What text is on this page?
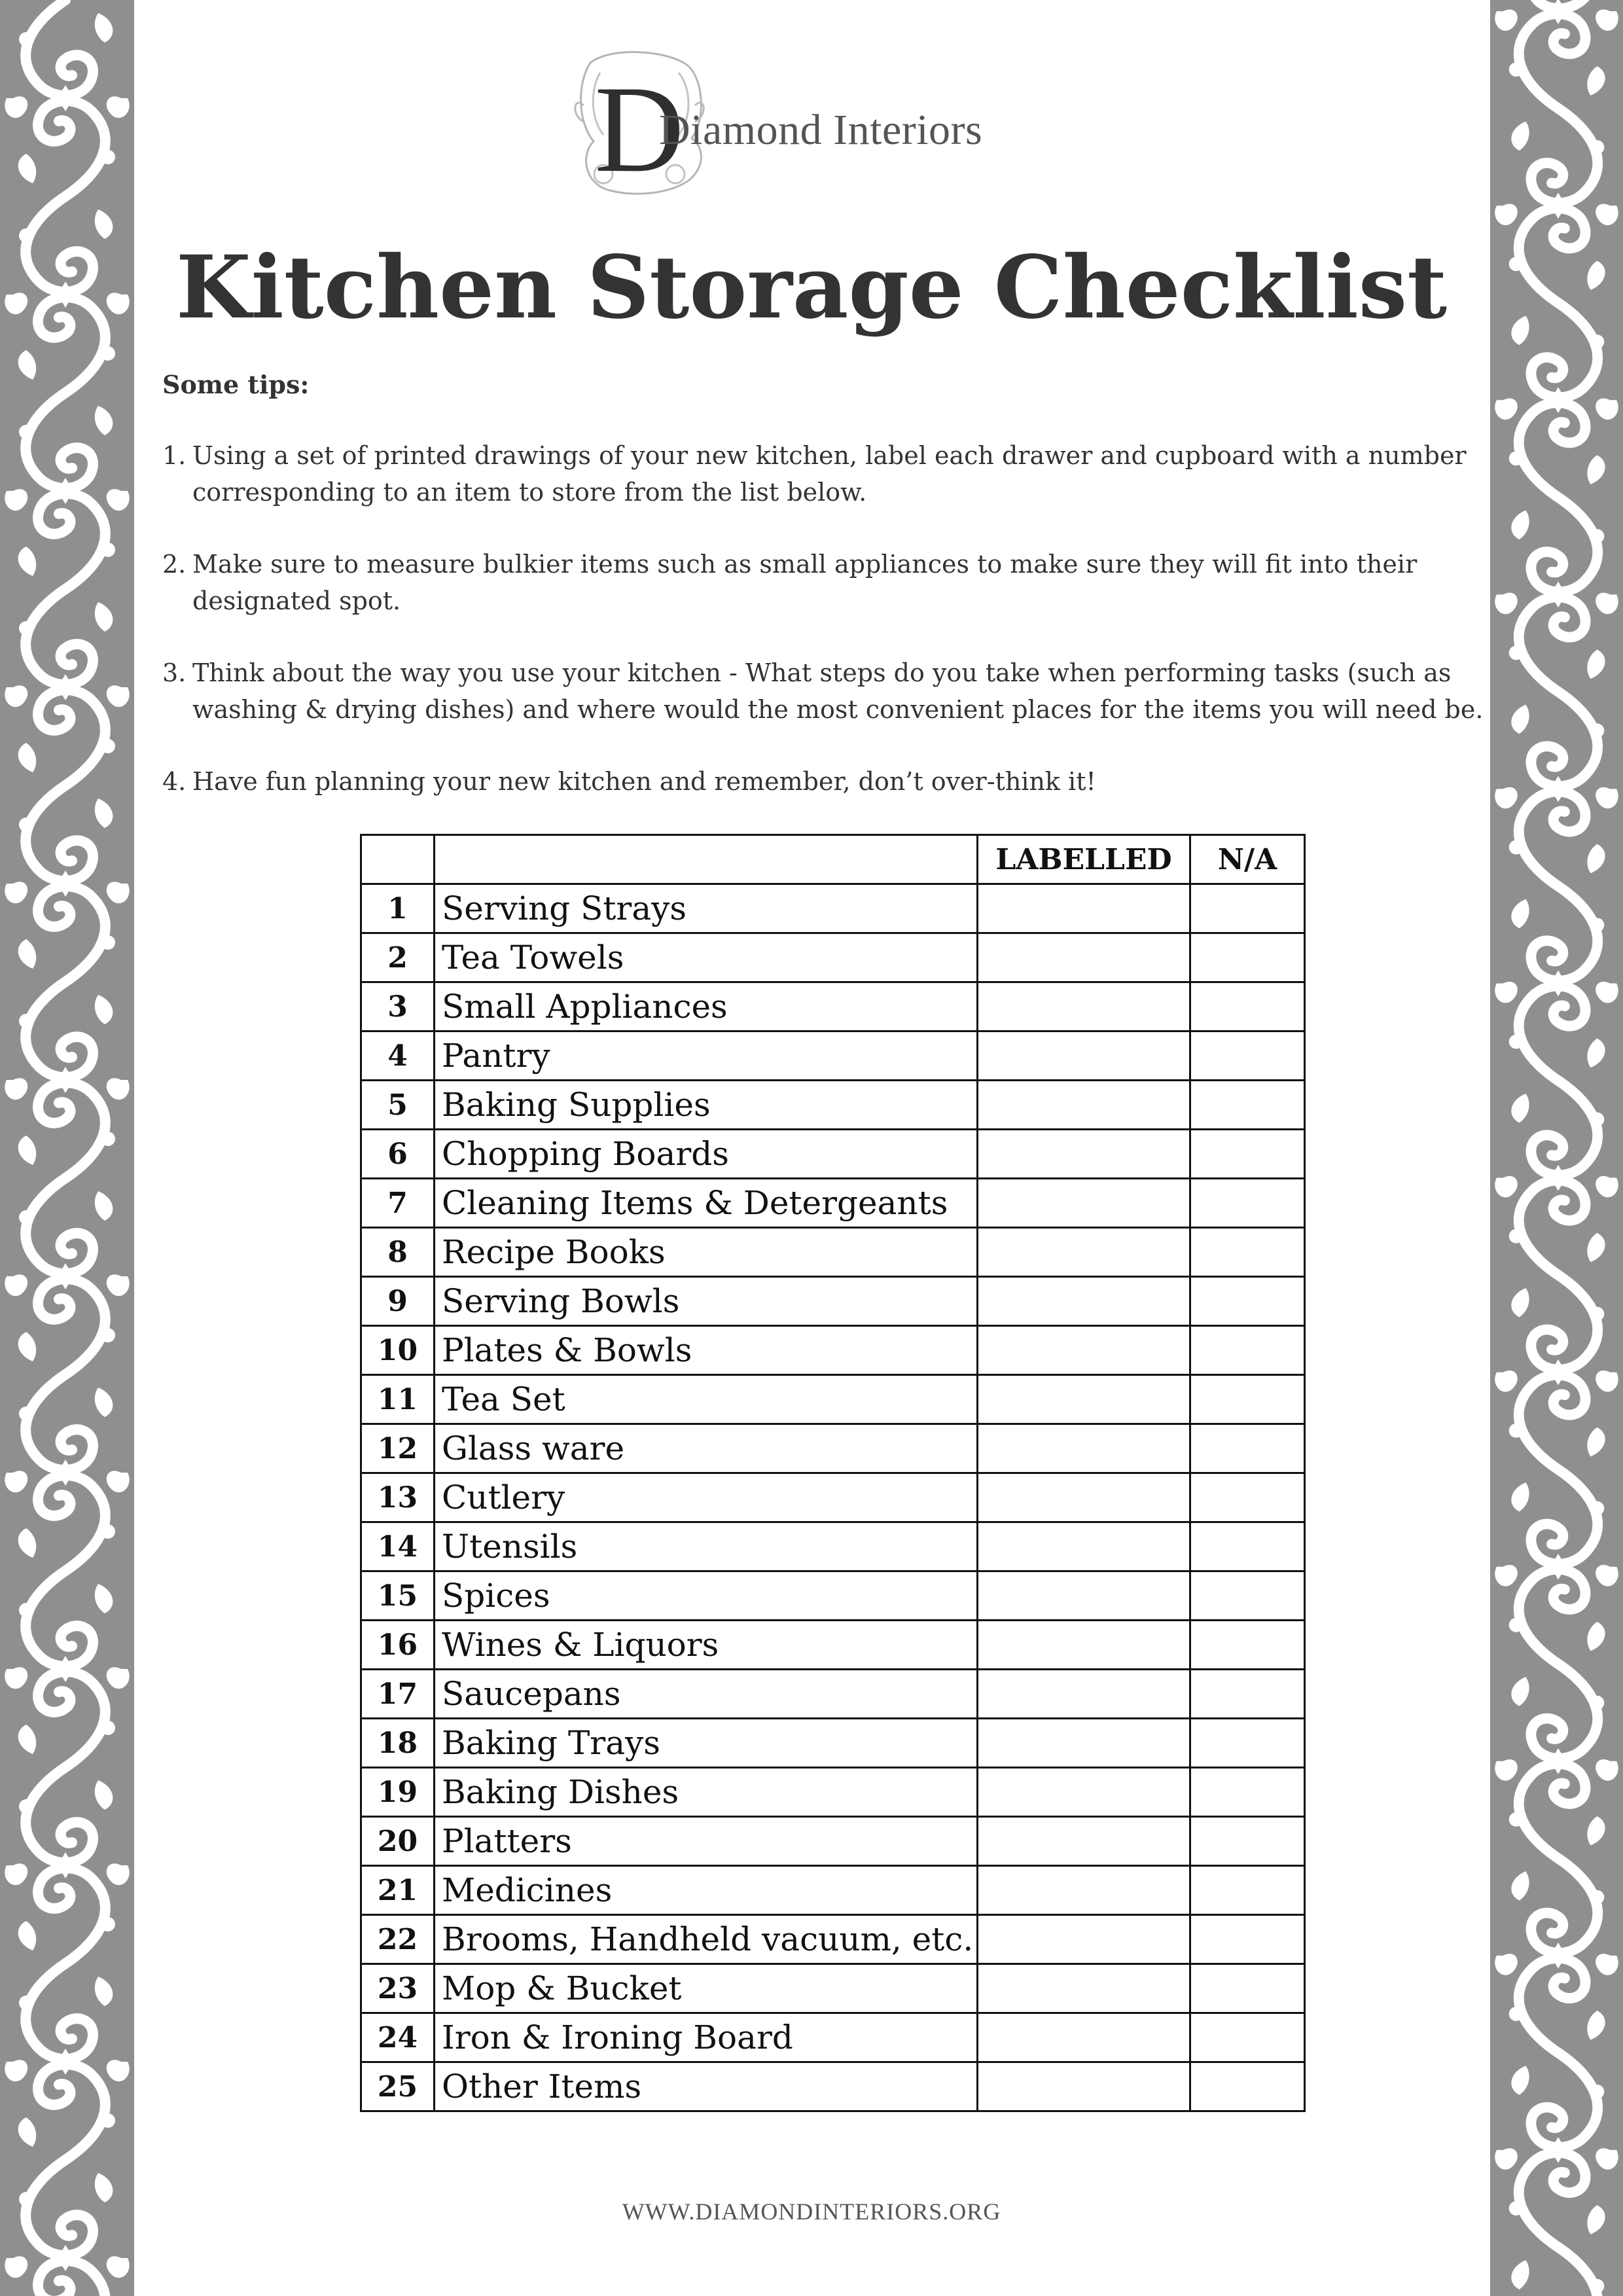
D
Diamond Interiors
Kitchen Storage Checklist
Some tips:
1. Using a set of printed drawings of your new kitchen, label each drawer and cupboard with a number corresponding to an item to store from the list below.
2. Make sure to measure bulkier items such as small appliances to make sure they will fit into their designated spot.
3. Think about the way you use your kitchen - What steps do you take when performing tasks (such as washing & drying dishes) and where would the most convenient places for the items you will need be.
4. Have fun planning your new kitchen and remember, don’t over-think it!
		LABELLED	N/A
1	Serving Strays		
2	Tea Towels		
3	Small Appliances		
4	Pantry		
5	Baking Supplies		
6	Chopping Boards		
7	Cleaning Items & Detergeants		
8	Recipe Books		
9	Serving Bowls		
10	Plates & Bowls		
11	Tea Set		
12	Glass ware		
13	Cutlery		
14	Utensils		
15	Spices		
16	Wines & Liquors		
17	Saucepans		
18	Baking Trays		
19	Baking Dishes		
20	Platters		
21	Medicines		
22	Brooms, Handheld vacuum, etc.		
23	Mop & Bucket		
24	Iron & Ironing Board		
25	Other Items		
WWW.DIAMONDINTERIORS.ORG
